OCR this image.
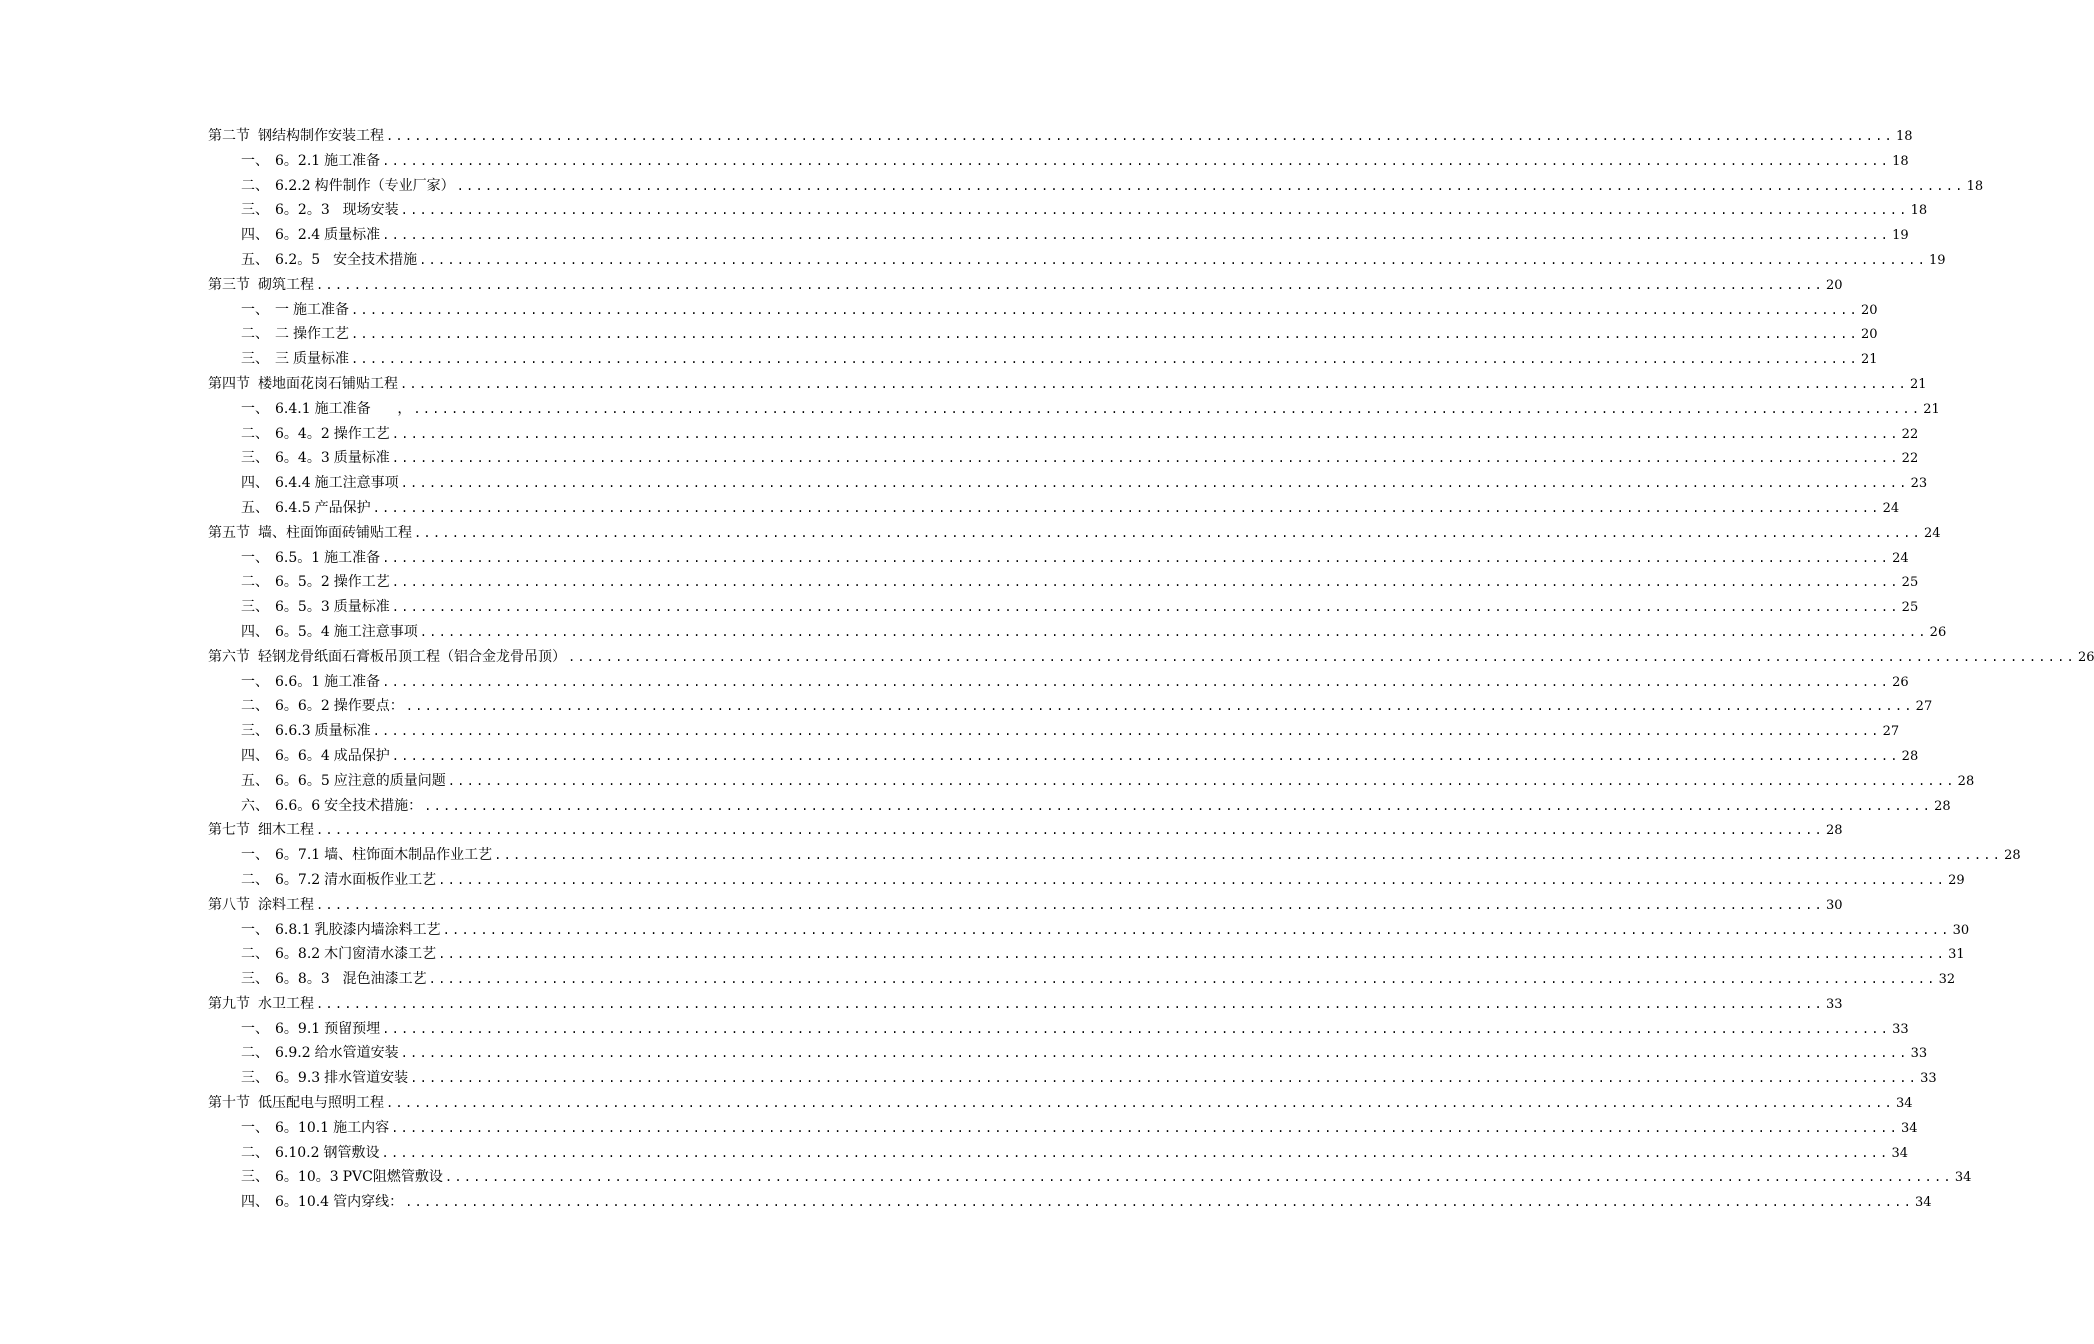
第二节 钢结构制作安装工程 ................................................................................................................................................................ 18
一、 6。2.1 施工准备 ................................................................................................................................................................ 18
二、 6.2.2 构件制作（专业厂家） ................................................................................................................................................................ 18
三、 6。2。3 现场安装 ................................................................................................................................................................ 18
四、 6。2.4 质量标准 ................................................................................................................................................................ 19
五、 6.2。5 安全技术措施 ................................................................................................................................................................ 19
第三节 砌筑工程 ................................................................................................................................................................ 20
一、 一 施工准备 ................................................................................................................................................................ 20
二、 二 操作工艺 ................................................................................................................................................................ 20
三、 三 质量标准 ................................................................................................................................................................ 21
第四节 楼地面花岗石铺贴工程 ................................................................................................................................................................ 21
一、 6.4.1 施工准备      ， ................................................................................................................................................................ 21
二、 6。4。2 操作工艺 ................................................................................................................................................................ 22
三、 6。4。3 质量标准 ................................................................................................................................................................ 22
四、 6.4.4 施工注意事项 ................................................................................................................................................................ 23
五、 6.4.5 产品保护 ................................................................................................................................................................ 24
第五节 墙、柱面饰面砖铺贴工程 ................................................................................................................................................................ 24
一、 6.5。1 施工准备 ................................................................................................................................................................ 24
二、 6。5。2 操作工艺 ................................................................................................................................................................ 25
三、 6。5。3 质量标准 ................................................................................................................................................................ 25
四、 6。5。4 施工注意事项 ................................................................................................................................................................ 26
第六节 轻钢龙骨纸面石膏板吊顶工程（铝合金龙骨吊顶） ................................................................................................................................................................ 26
一、 6.6。1 施工准备 ................................................................................................................................................................ 26
二、 6。6。2 操作要点： ................................................................................................................................................................ 27
三、 6.6.3 质量标准 ................................................................................................................................................................ 27
四、 6。6。4 成品保护 ................................................................................................................................................................ 28
五、 6。6。5 应注意的质量问题 ................................................................................................................................................................ 28
六、 6.6。6 安全技术措施： ................................................................................................................................................................ 28
第七节 细木工程 ................................................................................................................................................................ 28
一、 6。7.1 墙、柱饰面木制品作业工艺 ................................................................................................................................................................ 28
二、 6。7.2 清水面板作业工艺 ................................................................................................................................................................ 29
第八节 涂料工程 ................................................................................................................................................................ 30
一、 6.8.1 乳胶漆内墙涂料工艺 ................................................................................................................................................................ 30
二、 6。8.2 木门窗清水漆工艺 ................................................................................................................................................................ 31
三、 6。8。3 混色油漆工艺 ................................................................................................................................................................ 32
第九节 水卫工程 ................................................................................................................................................................ 33
一、 6。9.1 预留预埋 ................................................................................................................................................................ 33
二、 6.9.2 给水管道安装 ................................................................................................................................................................ 33
三、 6。9.3 排水管道安装 ................................................................................................................................................................ 33
第十节 低压配电与照明工程 ................................................................................................................................................................ 34
一、 6。10.1 施工内容 ................................................................................................................................................................ 34
二、 6.10.2 钢管敷设 ................................................................................................................................................................ 34
三、 6。10。3 PVC阻燃管敷设 ................................................................................................................................................................ 34
四、 6。10.4 管内穿线： ................................................................................................................................................................ 34
